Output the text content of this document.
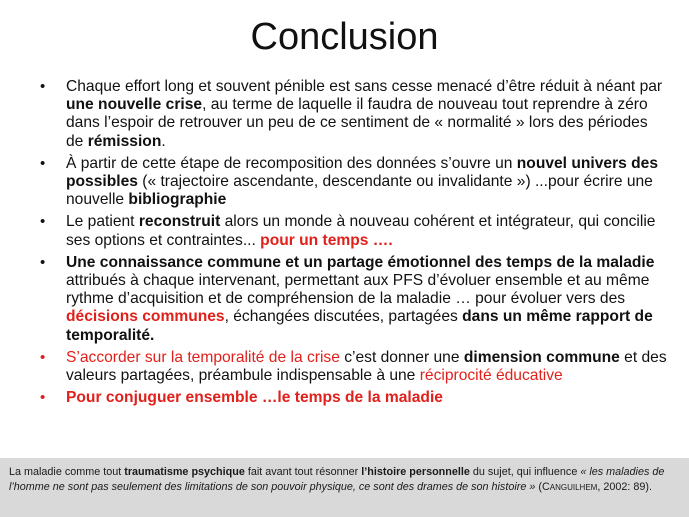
Conclusion
• Chaque effort long et souvent pénible est sans cesse menacé d’être réduit à néant par une nouvelle crise, au terme de laquelle il faudra de nouveau tout reprendre à zéro dans l’espoir de retrouver un peu de ce sentiment de « normalité » lors des périodes de rémission.
• À partir de cette étape de recomposition des données s’ouvre un nouvel univers des possibles (« trajectoire ascendante, descendante ou invalidante ») ...pour écrire une nouvelle bibliographie
• Le patient reconstruit alors un monde à nouveau cohérent et intégrateur, qui concilie ses options et contraintes... pour un temps ….
• Une connaissance commune et un partage émotionnel des temps de la maladie attribués à chaque intervenant, permettant aux PFS d’évoluer ensemble et au même rythme d’acquisition et de compréhension de la maladie … pour évoluer vers des décisions communes, échangées discutées, partagées dans un même rapport de temporalité.
• S’accorder sur la temporalité de la crise c’est donner une dimension commune et des valeurs partagées, préambule indispensable à une réciprocité éducative
• Pour conjuguer ensemble …le temps de la maladie
La maladie comme tout traumatisme psychique fait avant tout résonner l’histoire personnelle du sujet, qui influence « les maladies de l’homme ne sont pas seulement des limitations de son pouvoir physique, ce sont des drames de son histoire » (Canguilhem, 2002: 89).
